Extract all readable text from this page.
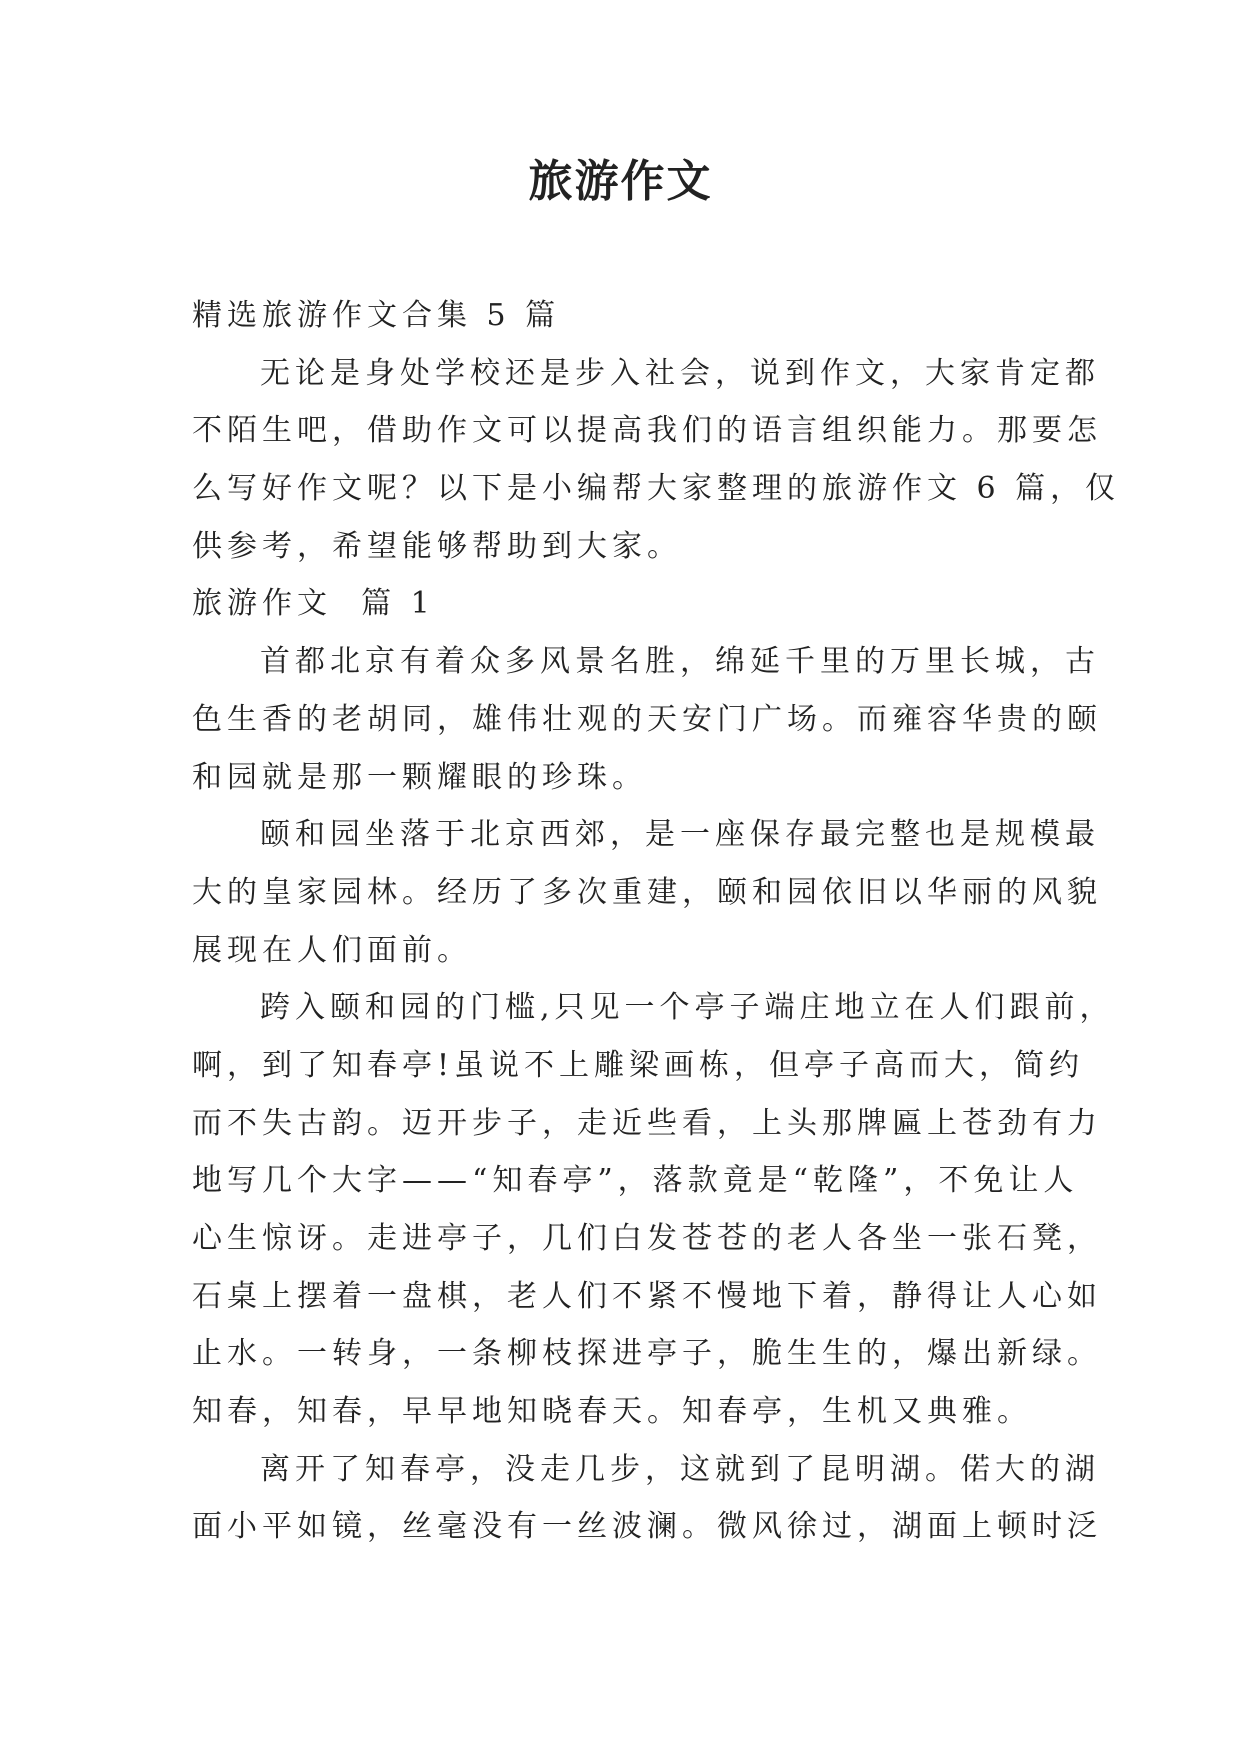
旅游作文
精选旅游作文合集 5 篇
无论是身处学校还是步入社会，说到作文，大家肯定都
不陌生吧，借助作文可以提高我们的语言组织能力。那要怎
么写好作文呢？以下是小编帮大家整理的旅游作文 6 篇，仅
供参考，希望能够帮助到大家。
旅游作文  篇 1
首都北京有着众多风景名胜，绵延千里的万里长城，古
色生香的老胡同，雄伟壮观的天安门广场。而雍容华贵的颐
和园就是那一颗耀眼的珍珠。
颐和园坐落于北京西郊，是一座保存最完整也是规模最
大的皇家园林。经历了多次重建，颐和园依旧以华丽的风貌
展现在人们面前。
跨入颐和园的门槛,只见一个亭子端庄地立在人们跟前，
啊，到了知春亭!虽说不上雕梁画栋，但亭子高而大，简约
而不失古韵。迈开步子，走近些看，上头那牌匾上苍劲有力
地写几个大字——“知春亭”，落款竟是“乾隆”，不免让人
心生惊讶。走进亭子，几们白发苍苍的老人各坐一张石凳，
石桌上摆着一盘棋，老人们不紧不慢地下着，静得让人心如
止水。一转身，一条柳枝探进亭子，脆生生的，爆出新绿。
知春，知春，早早地知晓春天。知春亭，生机又典雅。
离开了知春亭，没走几步，这就到了昆明湖。偌大的湖
面小平如镜，丝毫没有一丝波澜。微风徐过，湖面上顿时泛
